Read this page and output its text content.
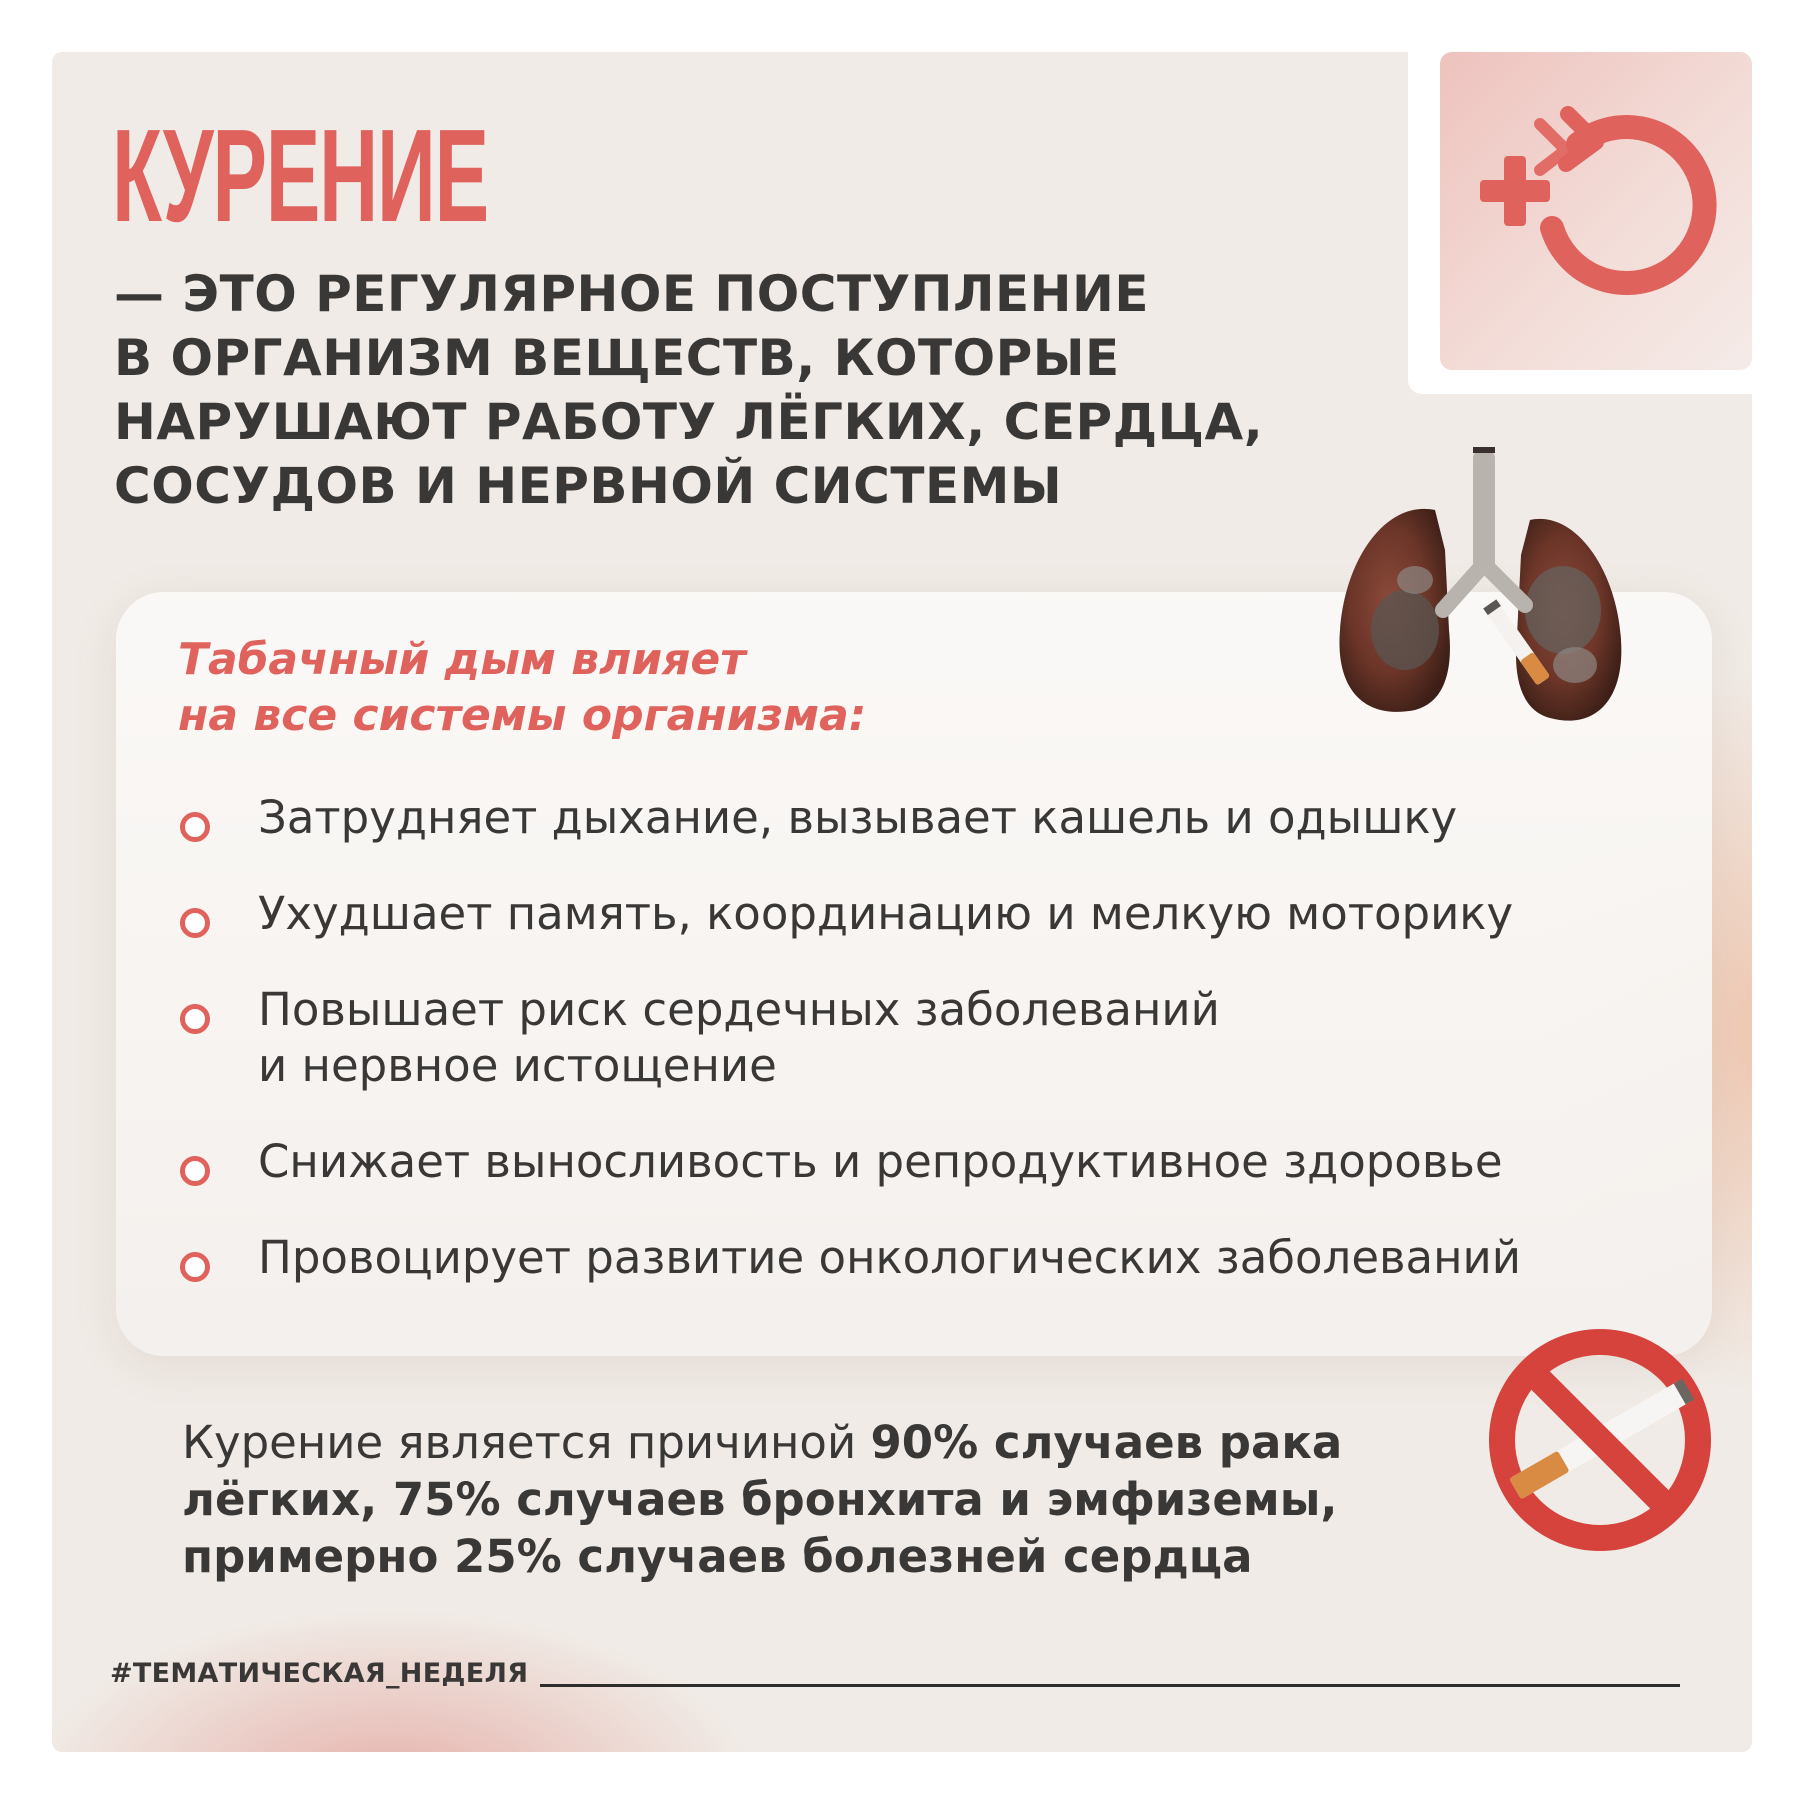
КУРЕНИЕ
— ЭТО РЕГУЛЯРНОЕ ПОСТУПЛЕНИЕ
В ОРГАНИЗМ ВЕЩЕСТВ, КОТОРЫЕ
НАРУШАЮТ РАБОТУ ЛЁГКИХ, СЕРДЦА,
СОСУДОВ И НЕРВНОЙ СИСТЕМЫ
Табачный дым влияет
на все системы организма:
Затрудняет дыхание, вызывает кашель и одышку
Ухудшает память, координацию и мелкую моторику
Повышает риск сердечных заболеваний
и нервное истощение
Снижает выносливость и репродуктивное здоровье
Провоцирует развитие онкологических заболеваний
Курение является причиной 90% случаев рака
лёгких, 75% случаев бронхита и эмфиземы,
примерно 25% случаев болезней сердца
#ТЕМАТИЧЕСКАЯ_НЕДЕЛЯ
